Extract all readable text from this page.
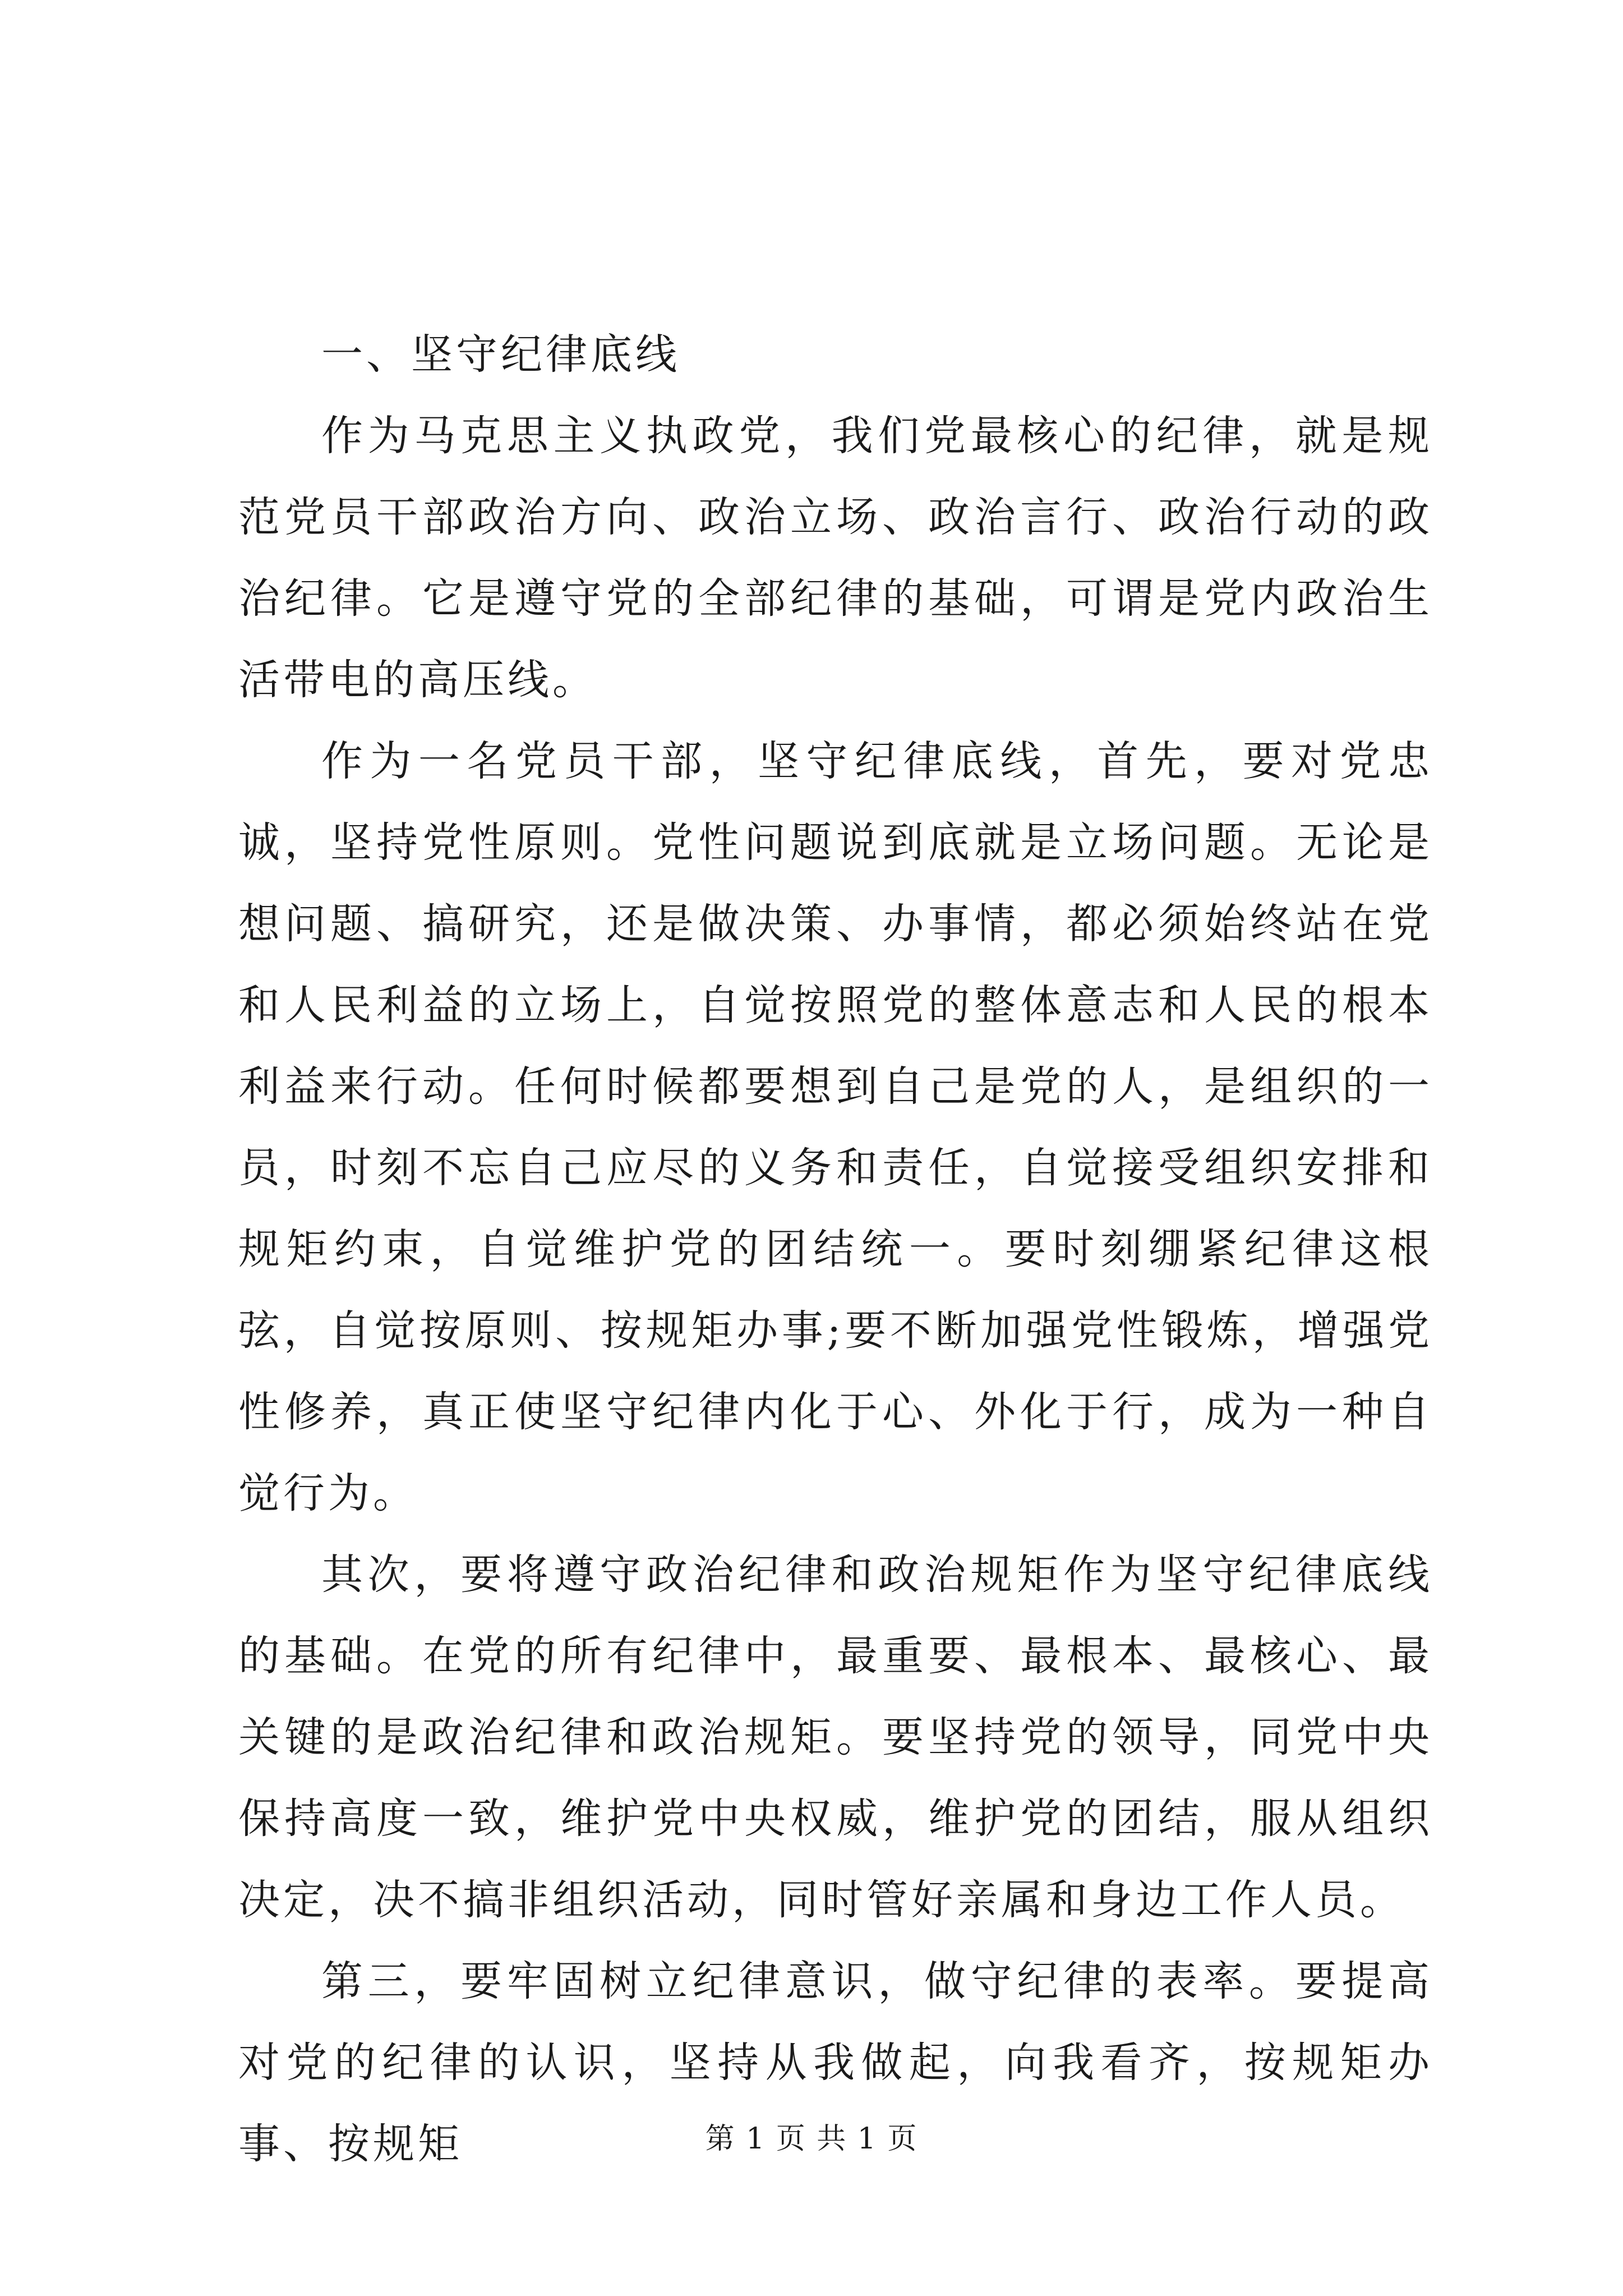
一、坚守纪律底线

作为马克思主义执政党，我们党最核心的纪律，就是规范党员干部政治方向、政治立场、政治言行、政治行动的政治纪律。它是遵守党的全部纪律的基础，可谓是党内政治生活带电的高压线。

作为一名党员干部，坚守纪律底线，首先，要对党忠诚，坚持党性原则。党性问题说到底就是立场问题。无论是想问题、搞研究，还是做决策、办事情，都必须始终站在党和人民利益的立场上，自觉按照党的整体意志和人民的根本利益来行动。任何时候都要想到自己是党的人，是组织的一员，时刻不忘自己应尽的义务和责任，自觉接受组织安排和规矩约束，自觉维护党的团结统一。要时刻绷紧纪律这根弦，自觉按原则、按规矩办事;要不断加强党性锻炼，增强党性修养，真正使坚守纪律内化于心、外化于行，成为一种自觉行为。

其次，要将遵守政治纪律和政治规矩作为坚守纪律底线的基础。在党的所有纪律中，最重要、最根本、最核心、最关键的是政治纪律和政治规矩。要坚持党的领导，同党中央保持高度一致，维护党中央权威，维护党的团结，服从组织决定，决不搞非组织活动，同时管好亲属和身边工作人员。

第三，要牢固树立纪律意识，做守纪律的表率。要提高对党的纪律的认识，坚持从我做起，向我看齐，按规矩办事、按规矩	第 1 页 共 1 页
